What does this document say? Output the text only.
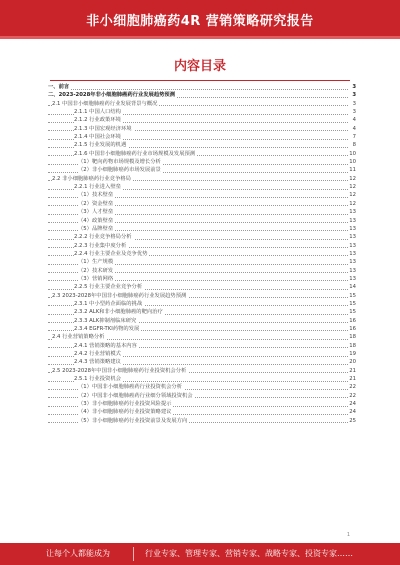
非小细胞肺癌药4R 营销策略研究报告
内容目录
一、前言	3
二、2023-2028年非小细胞肺癌药行业发展趋势预测	3
2.1 中国非小细胞肺癌药行业发展背景与概况	3
2.1.1 中国人口结构	3
2.1.2 行业政策环境	4
2.1.3 中国宏观经济环境	4
2.1.4 中国社会环境	7
2.1.5 行业发展的机遇	8
2.1.6 中国非小细胞肺癌药行业市场规模及发展预测	10
（1）靶向药物市场规模及增长分析	10
（2）非小细胞肺癌药市场发展前景	11
2.2 非小细胞肺癌药行业竞争格局	12
2.2.1 行业进入壁垒	12
（1）技术壁垒	12
（2）资金壁垒	12
（3）人才壁垒	13
（4）政策壁垒	13
（5）品牌壁垒	13
2.2.2 行业竞争格局分析	13
2.2.3 行业集中度分析	13
2.2.4 行业主要企业及竞争优势	13
（1）生产规模	13
（2）技术研发	13
（3）营销网络	13
2.2.5 行业主要企业竞争分析	14
2.3 2023-2028年中国非小细胞肺癌药行业发展趋势预测	15
2.3.1 中小型药企面临的挑战	15
2.3.2 ALK和非小细胞肺癌的靶向治疗	15
2.3.3 ALK抑制剂临床研究	16
2.3.4 EGFR-TKI药物的发展	16
2.4 行业营销策略分析	18
2.4.1 营销策略的基本内容	18
2.4.2 行业营销模式	19
2.4.3 营销策略建议	20
2.5 2023-2028年中国非小细胞肺癌药行业投资机会分析	21
2.5.1 行业投资机会	21
（1）中国非小细胞肺癌药行业投资机会分析	22
（2）中国非小细胞肺癌药行业细分领域投资机会	22
（3）非小细胞肺癌药行业投资风险提示	24
（4）非小细胞肺癌药行业投资策略建议	24
（5）非小细胞肺癌药行业投资前景及发展方向	25
1
让每个人都能成为	行业专家、管理专家、营销专家、战略专家、投资专家……
